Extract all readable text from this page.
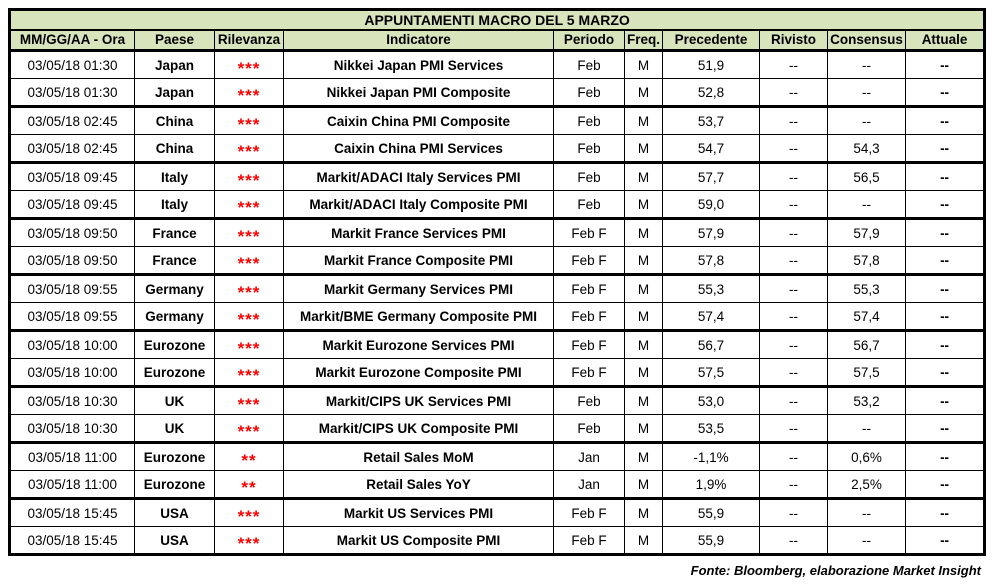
APPUNTAMENTI MACRO DEL 5 MARZO									
MM/GG/AA - Ora	Paese	Rilevanza	Indicatore	Periodo	Freq.	Precedente	Rivisto	Consensus	Attuale
03/05/18 01:30	Japan	***	Nikkei Japan PMI Services	Feb	M	51,9	--	--	--
03/05/18 01:30	Japan	***	Nikkei Japan PMI Composite	Feb	M	52,8	--	--	--
03/05/18 02:45	China	***	Caixin China PMI Composite	Feb	M	53,7	--	--	--
03/05/18 02:45	China	***	Caixin China PMI Services	Feb	M	54,7	--	54,3	--
03/05/18 09:45	Italy	***	Markit/ADACI Italy Services PMI	Feb	M	57,7	--	56,5	--
03/05/18 09:45	Italy	***	Markit/ADACI Italy Composite PMI	Feb	M	59,0	--	--	--
03/05/18 09:50	France	***	Markit France Services PMI	Feb F	M	57,9	--	57,9	--
03/05/18 09:50	France	***	Markit France Composite PMI	Feb F	M	57,8	--	57,8	--
03/05/18 09:55	Germany	***	Markit Germany Services PMI	Feb F	M	55,3	--	55,3	--
03/05/18 09:55	Germany	***	Markit/BME Germany Composite PMI	Feb F	M	57,4	--	57,4	--
03/05/18 10:00	Eurozone	***	Markit Eurozone Services PMI	Feb F	M	56,7	--	56,7	--
03/05/18 10:00	Eurozone	***	Markit Eurozone Composite PMI	Feb F	M	57,5	--	57,5	--
03/05/18 10:30	UK	***	Markit/CIPS UK Services PMI	Feb	M	53,0	--	53,2	--
03/05/18 10:30	UK	***	Markit/CIPS UK Composite PMI	Feb	M	53,5	--	--	--
03/05/18 11:00	Eurozone	**	Retail Sales MoM	Jan	M	-1,1%	--	0,6%	--
03/05/18 11:00	Eurozone	**	Retail Sales YoY	Jan	M	1,9%	--	2,5%	--
03/05/18 15:45	USA	***	Markit US Services PMI	Feb F	M	55,9	--	--	--
03/05/18 15:45	USA	***	Markit US Composite PMI	Feb F	M	55,9	--	--	--
Fonte: Bloomberg, elaborazione Market Insight
